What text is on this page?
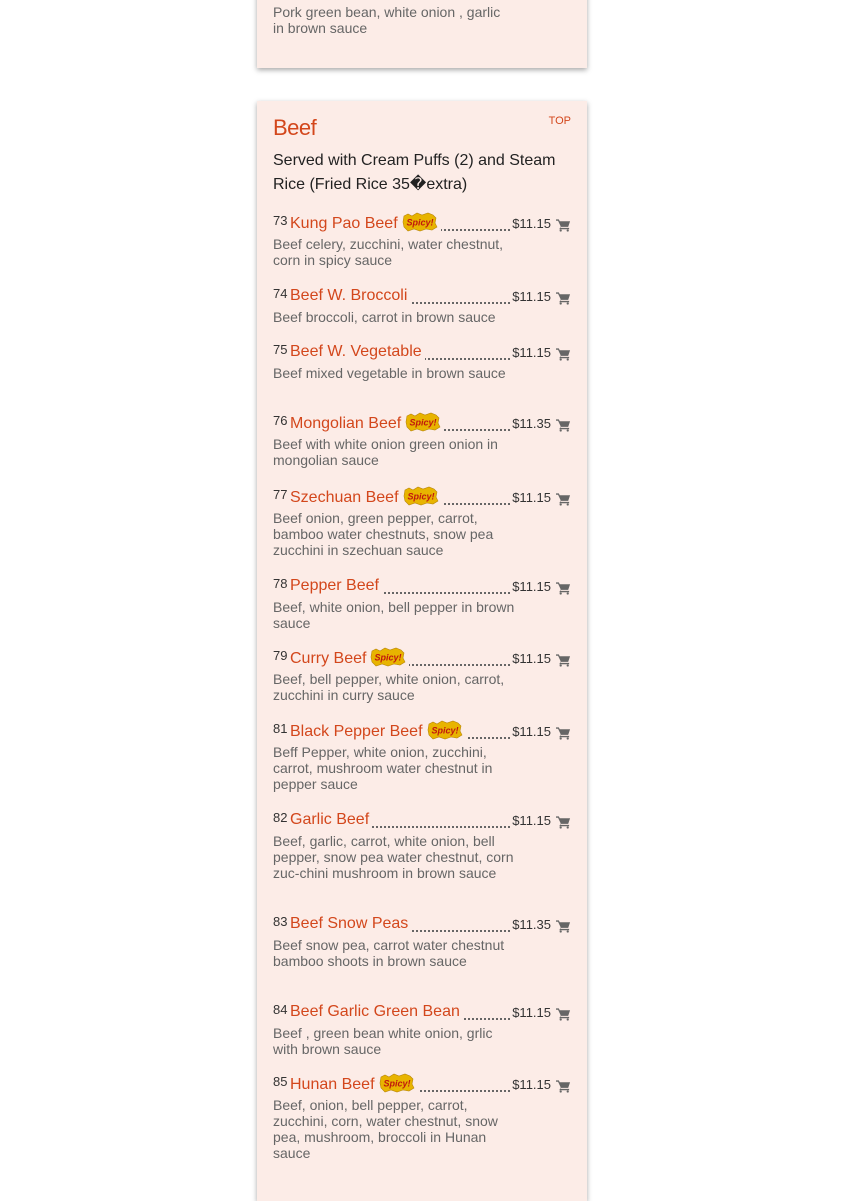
Pork green bean, white onion , garlic in brown sauce
Beef	TOP
Served with Cream Puffs (2) and Steam Rice (Fried Rice 35�extra)
73 Kung Pao Beef Spicy!	$11.15
Beef celery, zucchini, water chestnut, corn in spicy sauce
74 Beef W. Broccoli	$11.15
Beef broccoli, carrot in brown sauce
75 Beef W. Vegetable	$11.15
Beef mixed vegetable in brown sauce
76 Mongolian Beef Spicy!	$11.35
Beef with white onion green onion in mongolian sauce
77 Szechuan Beef Spicy!	$11.15
Beef onion, green pepper, carrot, bamboo water chestnuts, snow pea zucchini in szechuan sauce
78 Pepper Beef	$11.15
Beef, white onion, bell pepper in brown sauce
79 Curry Beef Spicy!	$11.15
Beef, bell pepper, white onion, carrot, zucchini in curry sauce
81 Black Pepper Beef Spicy!	$11.15
Beff Pepper, white onion, zucchini, carrot, mushroom water chestnut in pepper sauce
82 Garlic Beef	$11.15
Beef, garlic, carrot, white onion, bell pepper, snow pea water chestnut, corn zuc-chini mushroom in brown sauce
83 Beef Snow Peas	$11.35
Beef snow pea, carrot water chestnut bamboo shoots in brown sauce
84 Beef Garlic Green Bean	$11.15
Beef , green bean white onion, grlic with brown sauce
85 Hunan Beef Spicy!	$11.15
Beef, onion, bell pepper, carrot, zucchini, corn, water chestnut, snow pea, mushroom, broccoli in Hunan sauce
